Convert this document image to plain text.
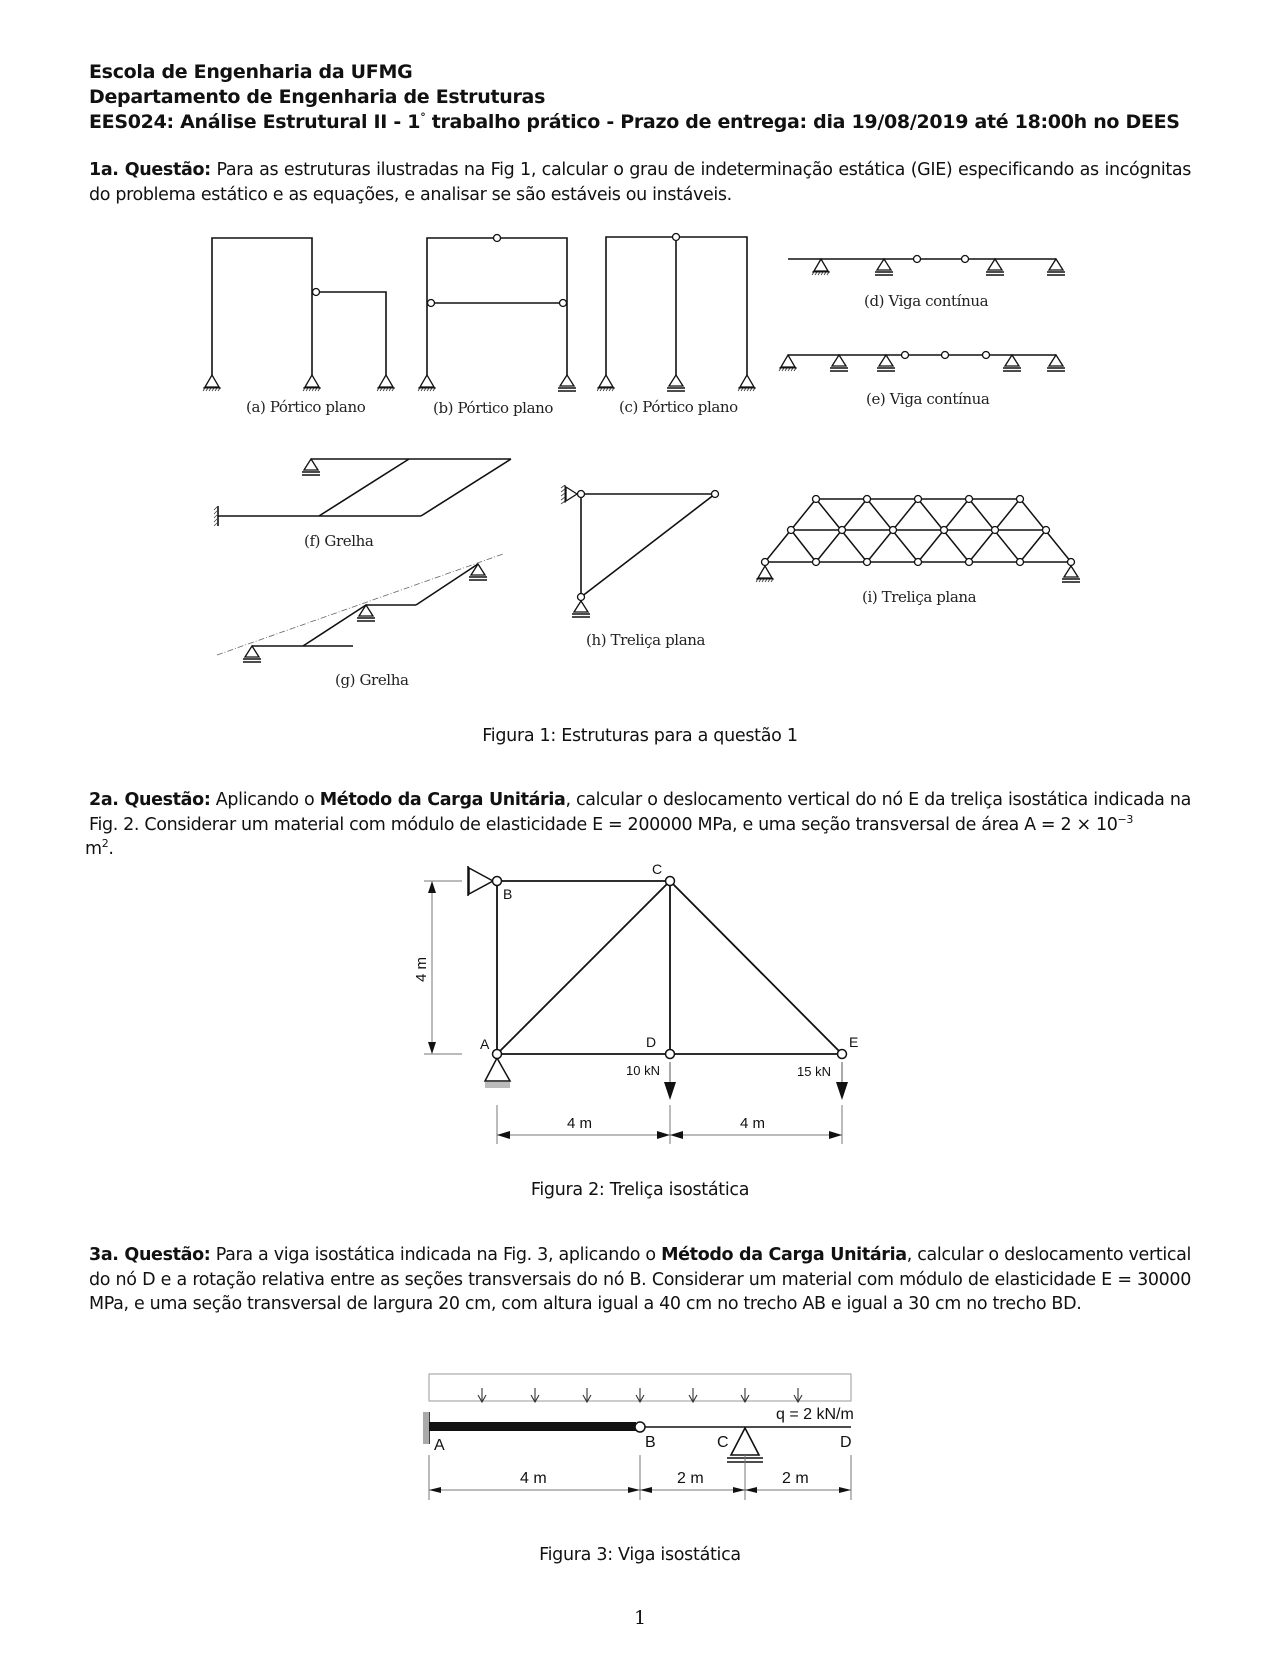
Escola de Engenharia da UFMG
Departamento de Engenharia de Estruturas
EES024: Análise Estrutural II - 1° trabalho prático - Prazo de entrega: dia 19/08/2019 até 18:00h no DEES
1a. Questão: Para as estruturas ilustradas na Fig 1, calcular o grau de indeterminação estática (GIE) especificando as incógnitas do problema estático e as equações, e analisar se são estáveis ou instáveis.
(a) Pórtico plano	(b) Pórtico plano	(c) Pórtico plano
(d) Viga contínua
(e) Viga contínua
(f) Grelha
(g) Grelha
(h) Treliça plana
(i) Treliça plana
Figura 1: Estruturas para a questão 1
2a. Questão: Aplicando o Método da Carga Unitária, calcular o deslocamento vertical do nó E da treliça isostática indicada na Fig. 2. Considerar um material com módulo de elasticidade E = 200000 MPa, e uma seção transversal de área $A = 2 \times 10^{-3}$
$m^2$.
C
B
A	D	E
10 kN	15 kN
4 m	4 m
4 m
Figura 2: Treliça isostática
3a. Questão: Para a viga isostática indicada na Fig. 3, aplicando o Método da Carga Unitária, calcular o deslocamento vertical do nó D e a rotação relativa entre as seções transversais do nó B. Considerar um material com módulo de elasticidade E = 30000 MPa, e uma seção transversal de largura 20 cm, com altura igual a 40 cm no trecho AB e igual a 30 cm no trecho BD.
A	B	C	D
q = 2 kN/m
4 m	2 m	2 m
Figura 3: Viga isostática
1
